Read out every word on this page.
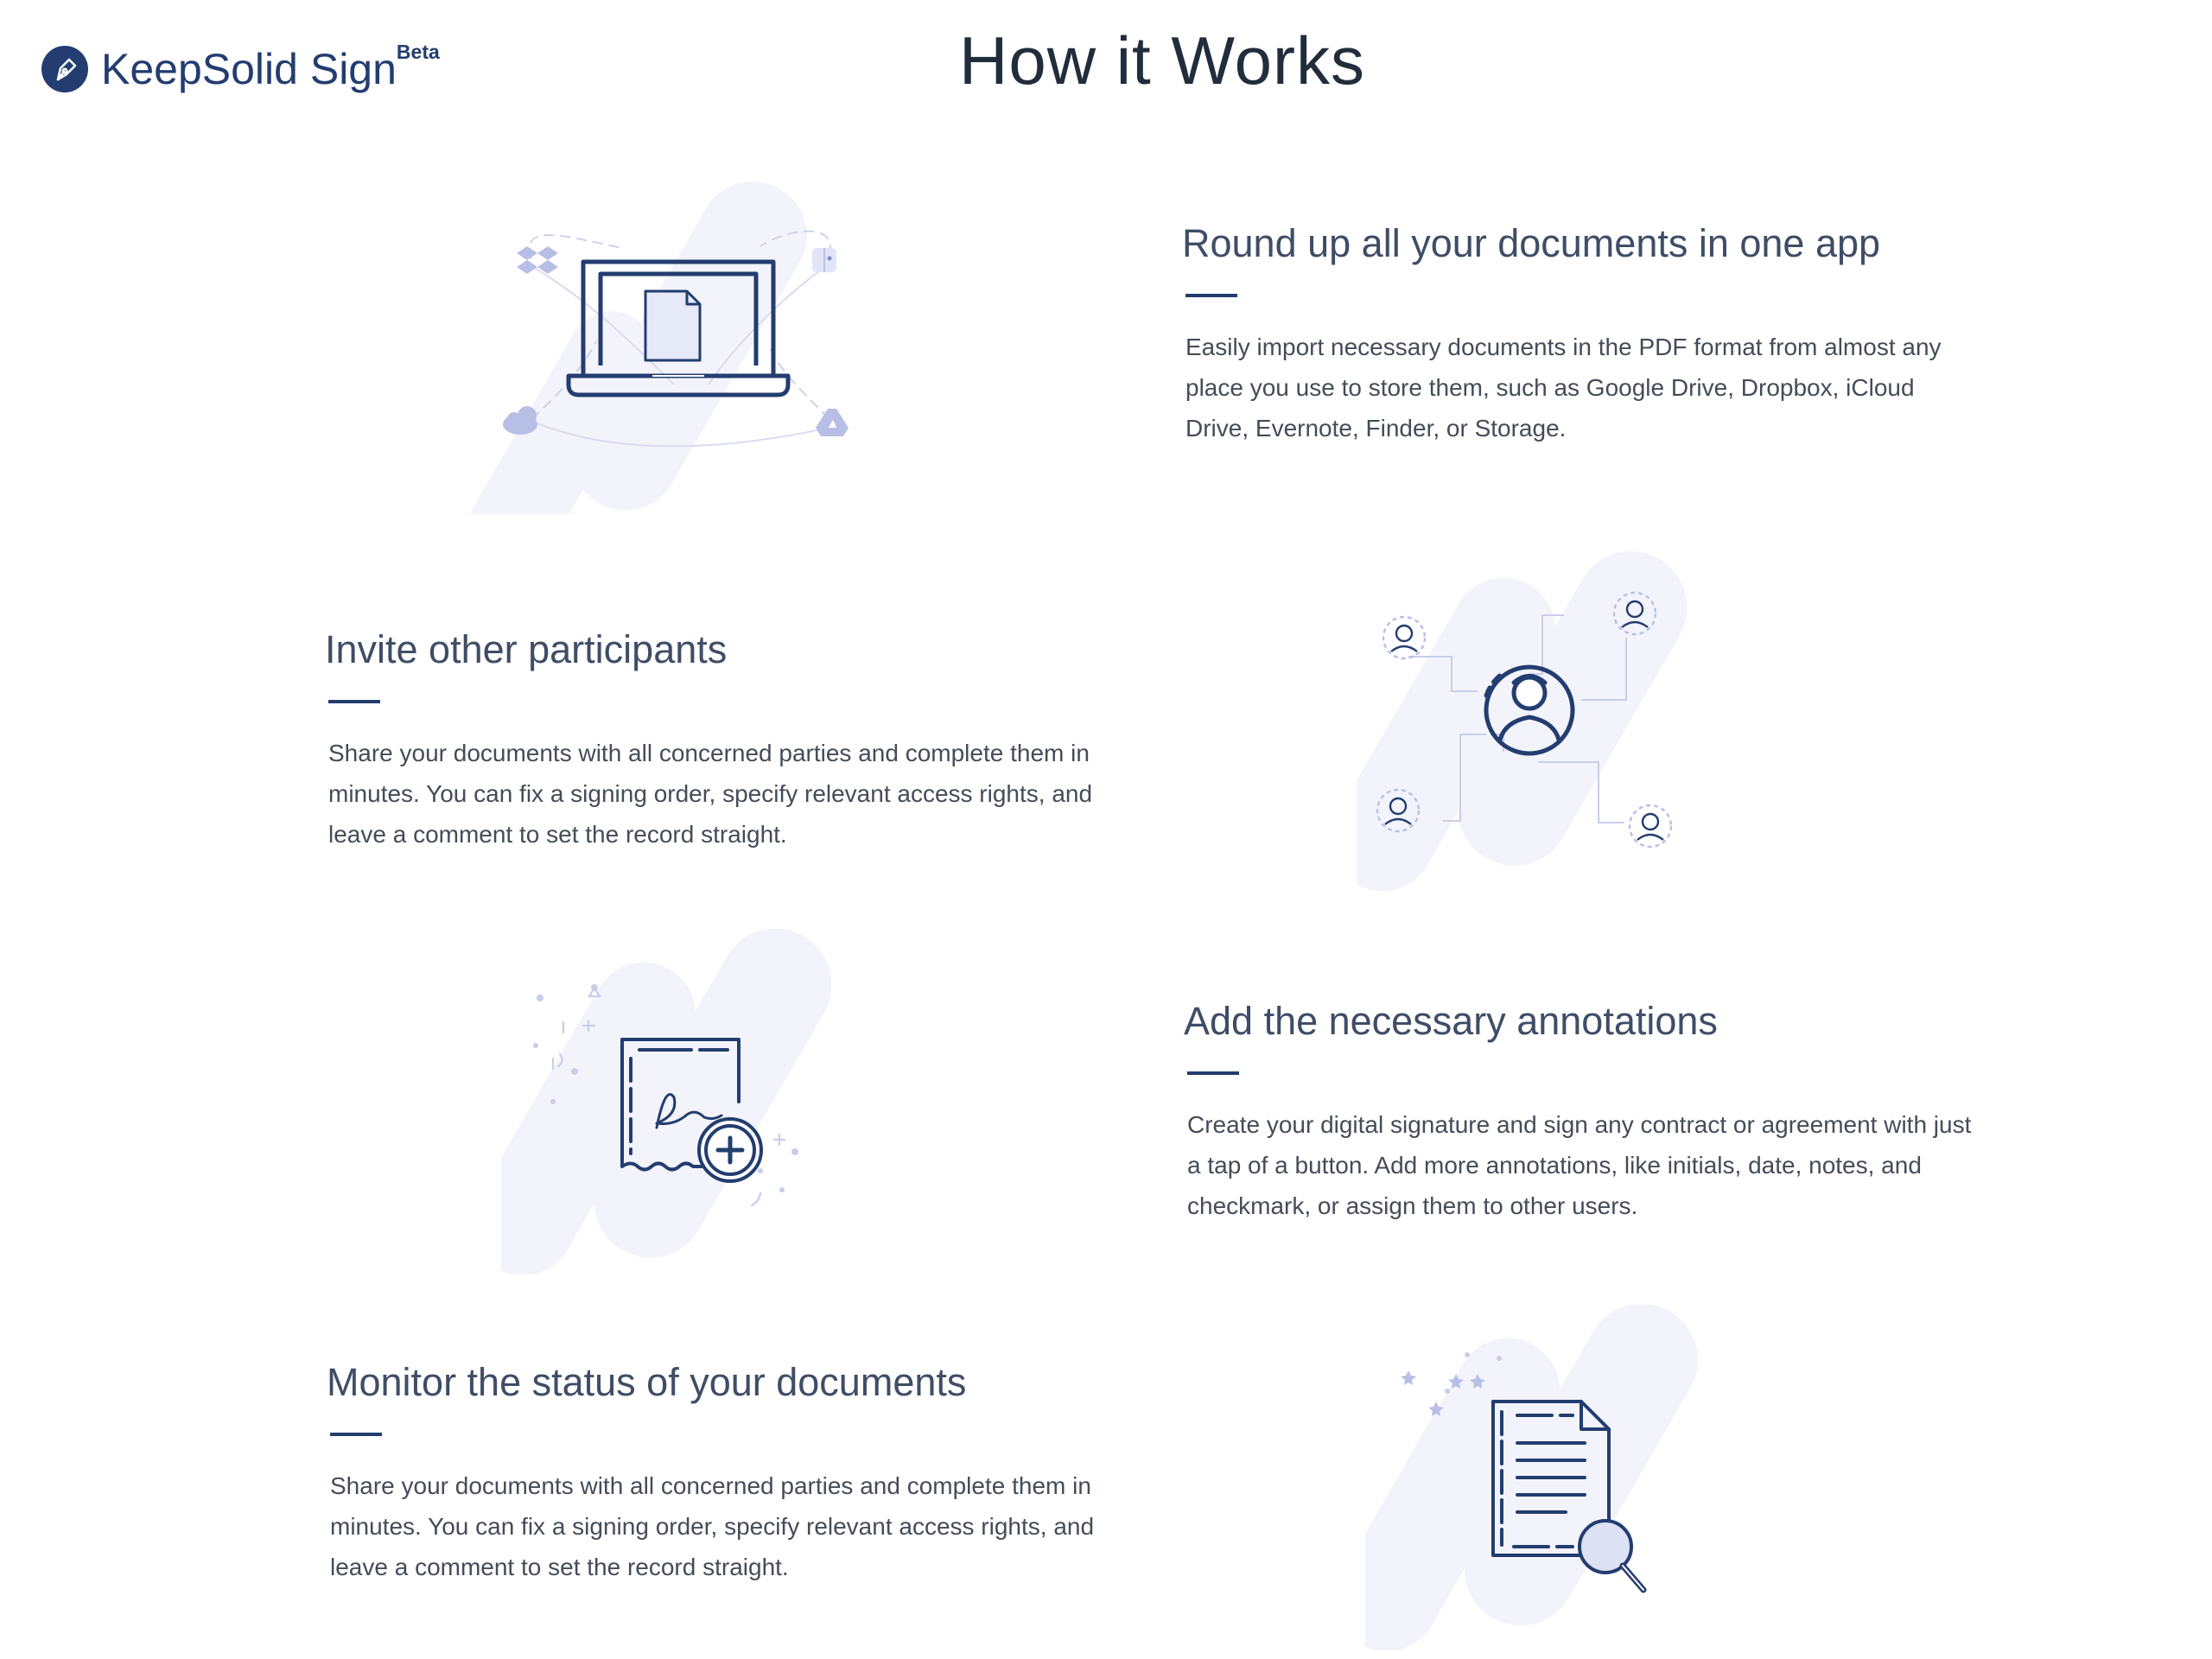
KeepSolid Sign Beta	How it Works
Round up all your documents in one app

Easily import necessary documents in the PDF format from almost any place you use to store them, such as Google Drive, Dropbox, iCloud Drive, Evernote, Finder, or Storage.

Invite other participants

Share your documents with all concerned parties and complete them in minutes. You can fix a signing order, specify relevant access rights, and leave a comment to set the record straight.

Add the necessary annotations

Create your digital signature and sign any contract or agreement with just a tap of a button. Add more annotations, like initials, date, notes, and checkmark, or assign them to other users.

Monitor the status of your documents

Share your documents with all concerned parties and complete them in minutes. You can fix a signing order, specify relevant access rights, and leave a comment to set the record straight.
